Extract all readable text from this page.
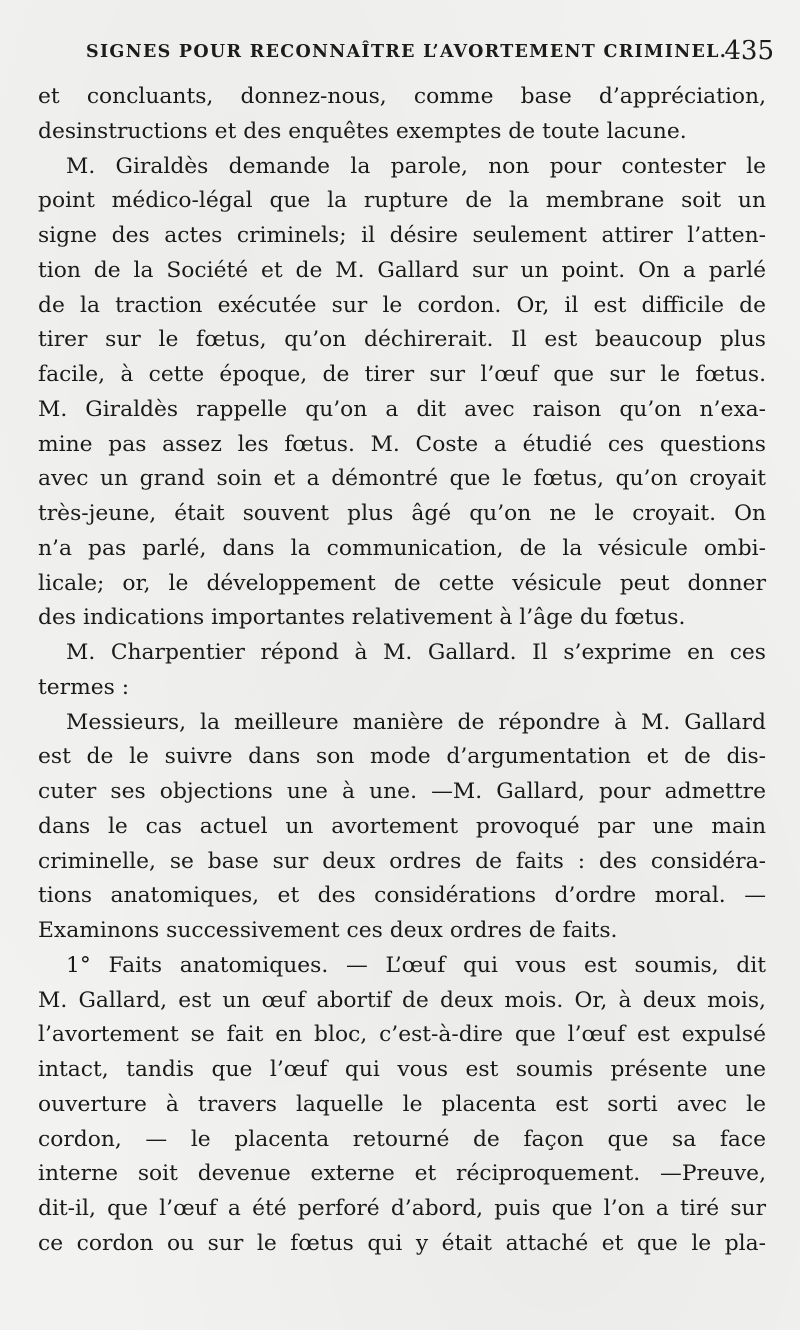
SIGNES POUR RECONNAÎTRE L’AVORTEMENT CRIMINEL.
435
et concluants, donnez-nous, comme base d’appréciation,
desinstructions et des enquêtes exemptes de toute lacune.
M. Giraldès demande la parole, non pour contester le
point médico-légal que la rupture de la membrane soit un
signe des actes criminels; il désire seulement attirer l’atten-
tion de la Société et de M. Gallard sur un point. On a parlé
de la traction exécutée sur le cordon. Or, il est difficile de
tirer sur le fœtus, qu’on déchirerait. Il est beaucoup plus
facile, à cette époque, de tirer sur l’œuf que sur le fœtus.
M. Giraldès rappelle qu’on a dit avec raison qu’on n’exa-
mine pas assez les fœtus. M. Coste a étudié ces questions
avec un grand soin et a démontré que le fœtus, qu’on croyait
très-jeune, était souvent plus âgé qu’on ne le croyait. On
n’a pas parlé, dans la communication, de la vésicule ombi-
licale; or, le développement de cette vésicule peut donner
des indications importantes relativement à l’âge du fœtus.
M. Charpentier répond à M. Gallard. Il s’exprime en ces
termes :
Messieurs, la meilleure manière de répondre à M. Gallard
est de le suivre dans son mode d’argumentation et de dis-
cuter ses objections une à une. —M. Gallard, pour admettre
dans le cas actuel un avortement provoqué par une main
criminelle, se base sur deux ordres de faits : des considéra-
tions anatomiques, et des considérations d’ordre moral. —
Examinons successivement ces deux ordres de faits.
1° Faits anatomiques. — L’œuf qui vous est soumis, dit
M. Gallard, est un œuf abortif de deux mois. Or, à deux mois,
l’avortement se fait en bloc, c’est-à-dire que l’œuf est expulsé
intact, tandis que l’œuf qui vous est soumis présente une
ouverture à travers laquelle le placenta est sorti avec le
cordon, — le placenta retourné de façon que sa face
interne soit devenue externe et réciproquement. —Preuve,
dit-il, que l’œuf a été perforé d’abord, puis que l’on a tiré sur
ce cordon ou sur le fœtus qui y était attaché et que le pla-
